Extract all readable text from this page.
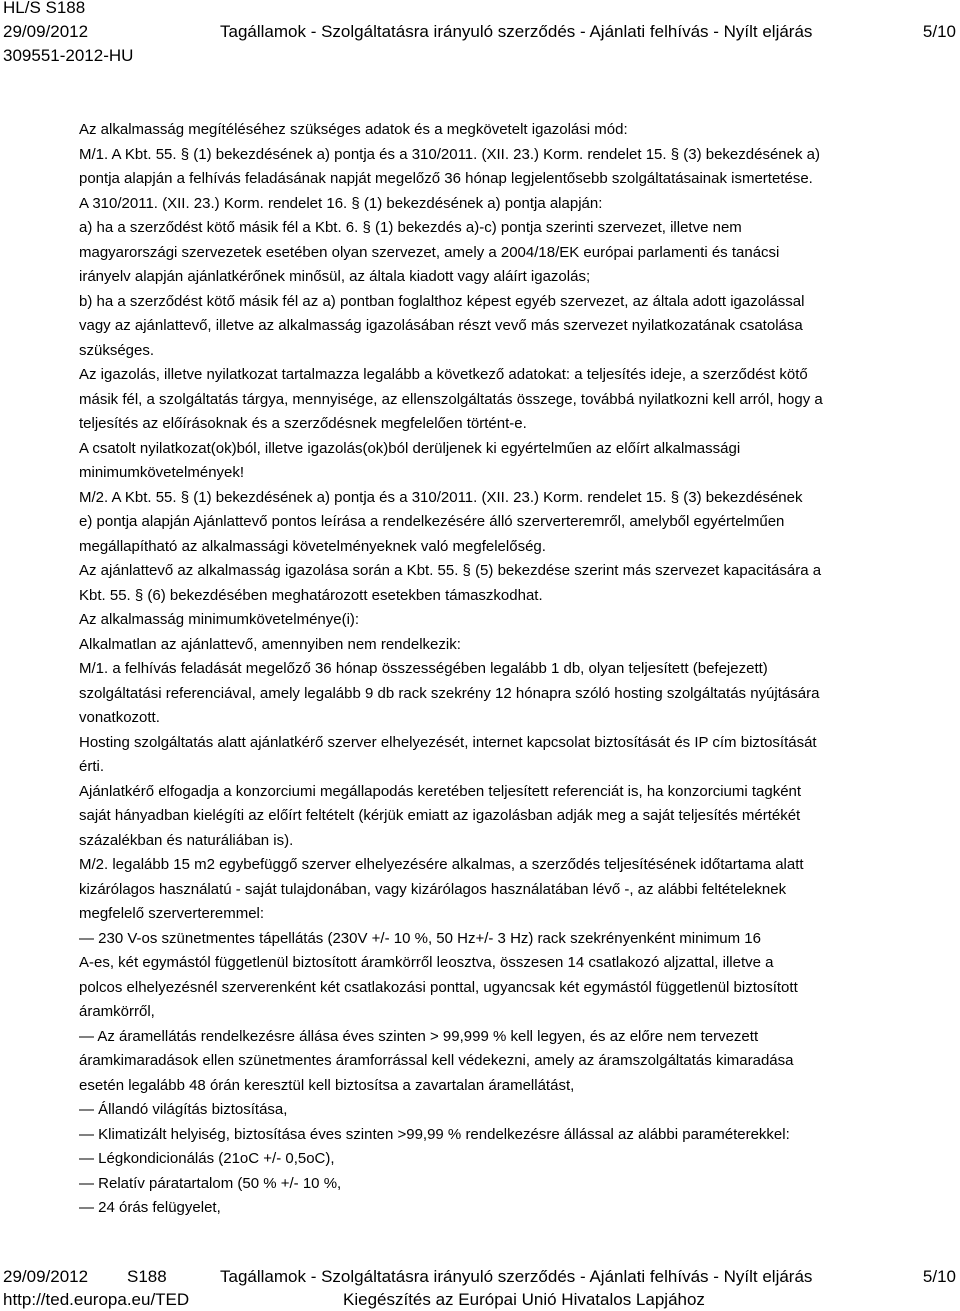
HL/S S188
29/09/2012
309551-2012-HU
Tagállamok - Szolgáltatásra irányuló szerződés - Ajánlati felhívás - Nyílt eljárás	5/10
Az alkalmasság megítéléséhez szükséges adatok és a megkövetelt igazolási mód:
M/1. A Kbt. 55. § (1) bekezdésének a) pontja és a 310/2011. (XII. 23.) Korm. rendelet 15. § (3) bekezdésének a)
pontja alapján a felhívás feladásának napját megelőző 36 hónap legjelentősebb szolgáltatásainak ismertetése.
A 310/2011. (XII. 23.) Korm. rendelet 16. § (1) bekezdésének a) pontja alapján:
a) ha a szerződést kötő másik fél a Kbt. 6. § (1) bekezdés a)-c) pontja szerinti szervezet, illetve nem
magyarországi szervezetek esetében olyan szervezet, amely a 2004/18/EK európai parlamenti és tanácsi
irányelv alapján ajánlatkérőnek minősül, az általa kiadott vagy aláírt igazolás;
b) ha a szerződést kötő másik fél az a) pontban foglalthoz képest egyéb szervezet, az általa adott igazolással
vagy az ajánlattevő, illetve az alkalmasság igazolásában részt vevő más szervezet nyilatkozatának csatolása
szükséges.
Az igazolás, illetve nyilatkozat tartalmazza legalább a következő adatokat: a teljesítés ideje, a szerződést kötő
másik fél, a szolgáltatás tárgya, mennyisége, az ellenszolgáltatás összege, továbbá nyilatkozni kell arról, hogy a
teljesítés az előírásoknak és a szerződésnek megfelelően történt-e.
A csatolt nyilatkozat(ok)ból, illetve igazolás(ok)ból derüljenek ki egyértelműen az előírt alkalmassági
minimumkövetelmények!
M/2. A Kbt. 55. § (1) bekezdésének a) pontja és a 310/2011. (XII. 23.) Korm. rendelet 15. § (3) bekezdésének
e) pontja alapján Ajánlattevő pontos leírása a rendelkezésére álló szerverteremről, amelyből egyértelműen
megállapítható az alkalmassági követelményeknek való megfelelőség.
Az ajánlattevő az alkalmasság igazolása során a Kbt. 55. § (5) bekezdése szerint más szervezet kapacitására a
Kbt. 55. § (6) bekezdésében meghatározott esetekben támaszkodhat.
Az alkalmasság minimumkövetelménye(i):
Alkalmatlan az ajánlattevő, amennyiben nem rendelkezik:
M/1. a felhívás feladását megelőző 36 hónap összességében legalább 1 db, olyan teljesített (befejezett)
szolgáltatási referenciával, amely legalább 9 db rack szekrény 12 hónapra szóló hosting szolgáltatás nyújtására
vonatkozott.
Hosting szolgáltatás alatt ajánlatkérő szerver elhelyezését, internet kapcsolat biztosítását és IP cím biztosítását
érti.
Ajánlatkérő elfogadja a konzorciumi megállapodás keretében teljesített referenciát is, ha konzorciumi tagként
saját hányadban kielégíti az előírt feltételt (kérjük emiatt az igazolásban adják meg a saját teljesítés mértékét
százalékban és naturáliában is).
M/2. legalább 15 m2 egybefüggő szerver elhelyezésére alkalmas, a szerződés teljesítésének időtartama alatt
kizárólagos használatú - saját tulajdonában, vagy kizárólagos használatában lévő -, az alábbi feltételeknek
megfelelő szerverteremmel:
— 230 V-os szünetmentes tápellátás (230V +/- 10 %, 50 Hz+/- 3 Hz) rack szekrényenként minimum 16
A-es, két egymástól függetlenül biztosított áramkörről leosztva, összesen 14 csatlakozó aljzattal, illetve a
polcos elhelyezésnél szerverenként két csatlakozási ponttal, ugyancsak két egymástól függetlenül biztosított
áramkörről,
— Az áramellátás rendelkezésre állása éves szinten > 99,999 % kell legyen, és az előre nem tervezett
áramkimaradások ellen szünetmentes áramforrással kell védekezni, amely az áramszolgáltatás kimaradása
esetén legalább 48 órán keresztül kell biztosítsa a zavartalan áramellátást,
— Állandó világítás biztosítása,
— Klimatizált helyiség, biztosítása éves szinten >99,99 % rendelkezésre állással az alábbi paraméterekkel:
— Légkondicionálás (21oC +/- 0,5oC),
— Relatív páratartalom (50 % +/- 10 %,
— 24 órás felügyelet,
29/09/2012 S188	Tagállamok - Szolgáltatásra irányuló szerződés - Ajánlati felhívás - Nyílt eljárás	5/10
http://ted.europa.eu/TED	Kiegészítés az Európai Unió Hivatalos Lapjához
